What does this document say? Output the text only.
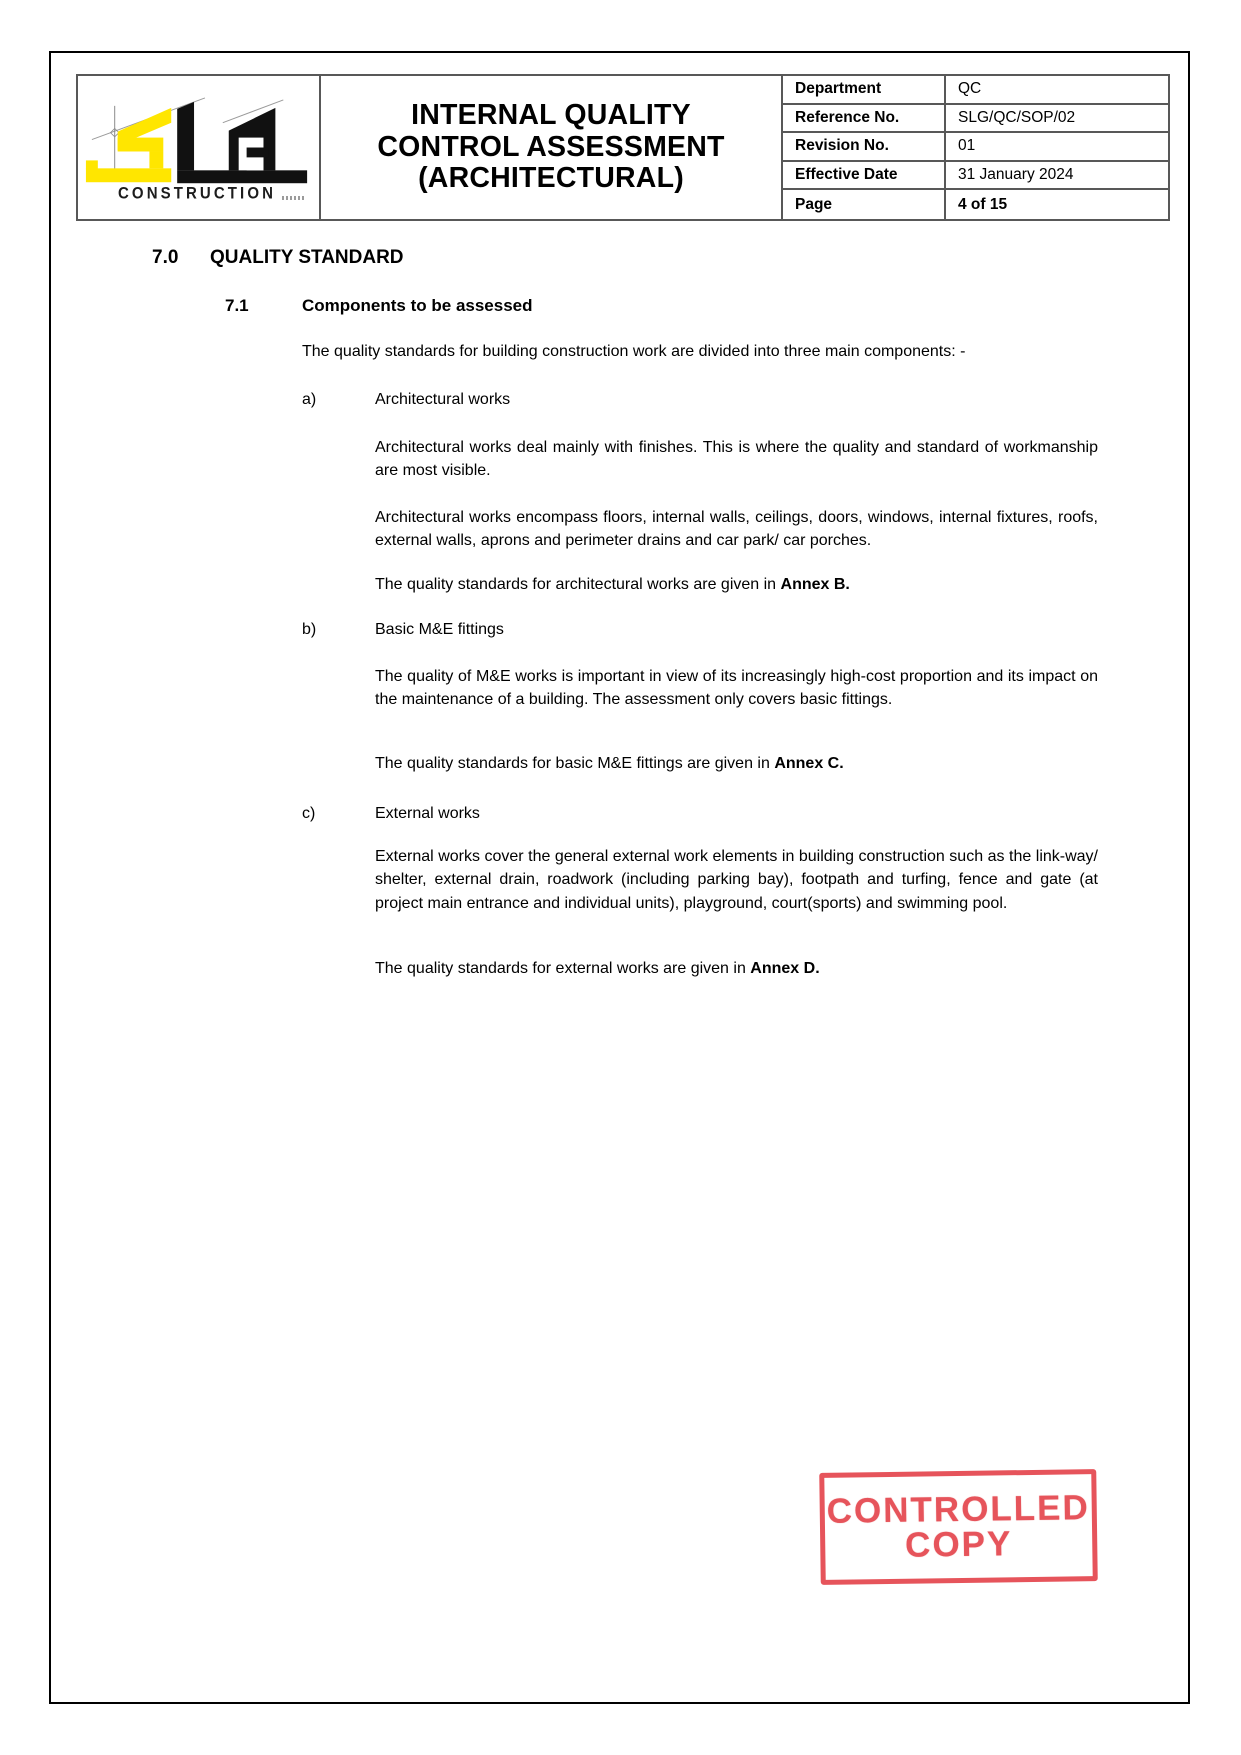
CONSTRUCTION
INTERNAL QUALITY
CONTROL ASSESSMENT
(ARCHITECTURAL)
Department	QC
Reference No.	SLG/QC/SOP/02
Revision No.	01
Effective Date	31 January 2024
Page	4 of 15
7.0 QUALITY STANDARD
7.1	Components to be assessed
The quality standards for building construction work are divided into three main components: -
a)	Architectural works
Architectural works deal mainly with finishes. This is where the quality and standard of workmanship are most visible.
Architectural works encompass floors, internal walls, ceilings, doors, windows, internal fixtures, roofs, external walls, aprons and perimeter drains and car park/ car porches.
The quality standards for architectural works are given in Annex B.
b)	Basic M&E fittings
The quality of M&E works is important in view of its increasingly high-cost proportion and its impact on the maintenance of a building. The assessment only covers basic fittings.
The quality standards for basic M&E fittings are given in Annex C.
c)	External works
External works cover the general external work elements in building construction such as the link-way/ shelter, external drain, roadwork (including parking bay), footpath and turfing, fence and gate (at project main entrance and individual units), playground, court(sports) and swimming pool.
The quality standards for external works are given in Annex D.
CONTROLLED
COPY
